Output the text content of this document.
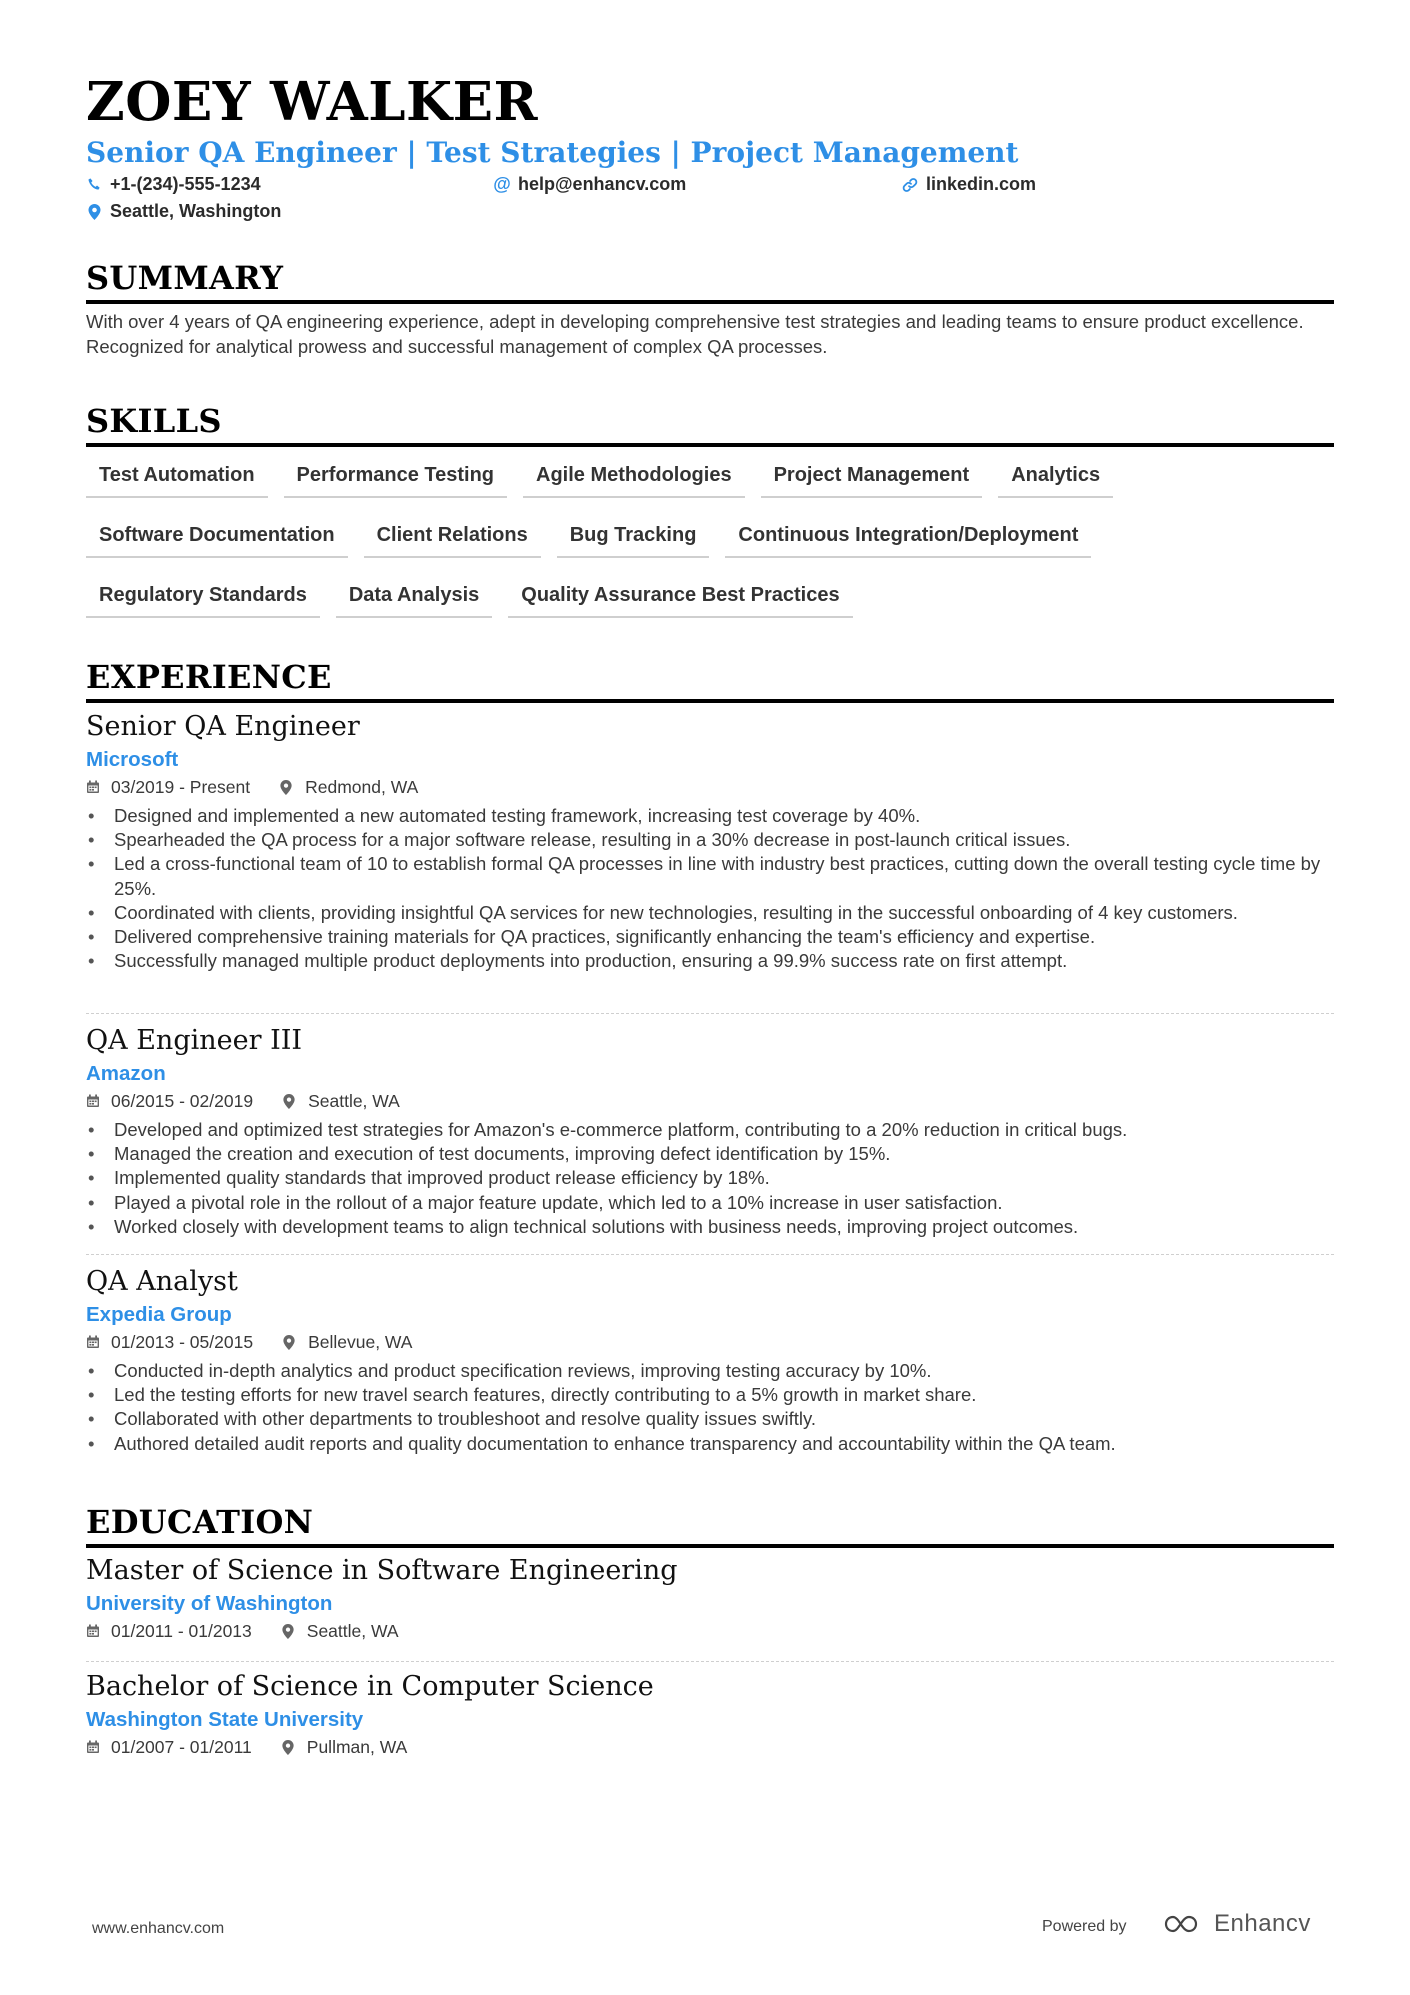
ZOEY WALKER
Senior QA Engineer | Test Strategies | Project Management
+1-(234)-555-1234	@ help@enhancv.com	linkedin.com
Seattle, Washington
SUMMARY
With over 4 years of QA engineering experience, adept in developing comprehensive test strategies and leading teams to ensure product excellence. Recognized for analytical prowess and successful management of complex QA processes.
SKILLS
Test Automation	Performance Testing	Agile Methodologies	Project Management	Analytics
Software Documentation	Client Relations	Bug Tracking	Continuous Integration/Deployment
Regulatory Standards	Data Analysis	Quality Assurance Best Practices
EXPERIENCE
Senior QA Engineer
Microsoft
03/2019 - Present	Redmond, WA
• Designed and implemented a new automated testing framework, increasing test coverage by 40%.
• Spearheaded the QA process for a major software release, resulting in a 30% decrease in post-launch critical issues.
• Led a cross-functional team of 10 to establish formal QA processes in line with industry best practices, cutting down the overall testing cycle time by 25%.
• Coordinated with clients, providing insightful QA services for new technologies, resulting in the successful onboarding of 4 key customers.
• Delivered comprehensive training materials for QA practices, significantly enhancing the team's efficiency and expertise.
• Successfully managed multiple product deployments into production, ensuring a 99.9% success rate on first attempt.
QA Engineer III
Amazon
06/2015 - 02/2019	Seattle, WA
• Developed and optimized test strategies for Amazon's e-commerce platform, contributing to a 20% reduction in critical bugs.
• Managed the creation and execution of test documents, improving defect identification by 15%.
• Implemented quality standards that improved product release efficiency by 18%.
• Played a pivotal role in the rollout of a major feature update, which led to a 10% increase in user satisfaction.
• Worked closely with development teams to align technical solutions with business needs, improving project outcomes.
QA Analyst
Expedia Group
01/2013 - 05/2015	Bellevue, WA
• Conducted in-depth analytics and product specification reviews, improving testing accuracy by 10%.
• Led the testing efforts for new travel search features, directly contributing to a 5% growth in market share.
• Collaborated with other departments to troubleshoot and resolve quality issues swiftly.
• Authored detailed audit reports and quality documentation to enhance transparency and accountability within the QA team.
EDUCATION
Master of Science in Software Engineering
University of Washington
01/2011 - 01/2013	Seattle, WA
Bachelor of Science in Computer Science
Washington State University
01/2007 - 01/2011	Pullman, WA
www.enhancv.com	Powered by	Enhancv
